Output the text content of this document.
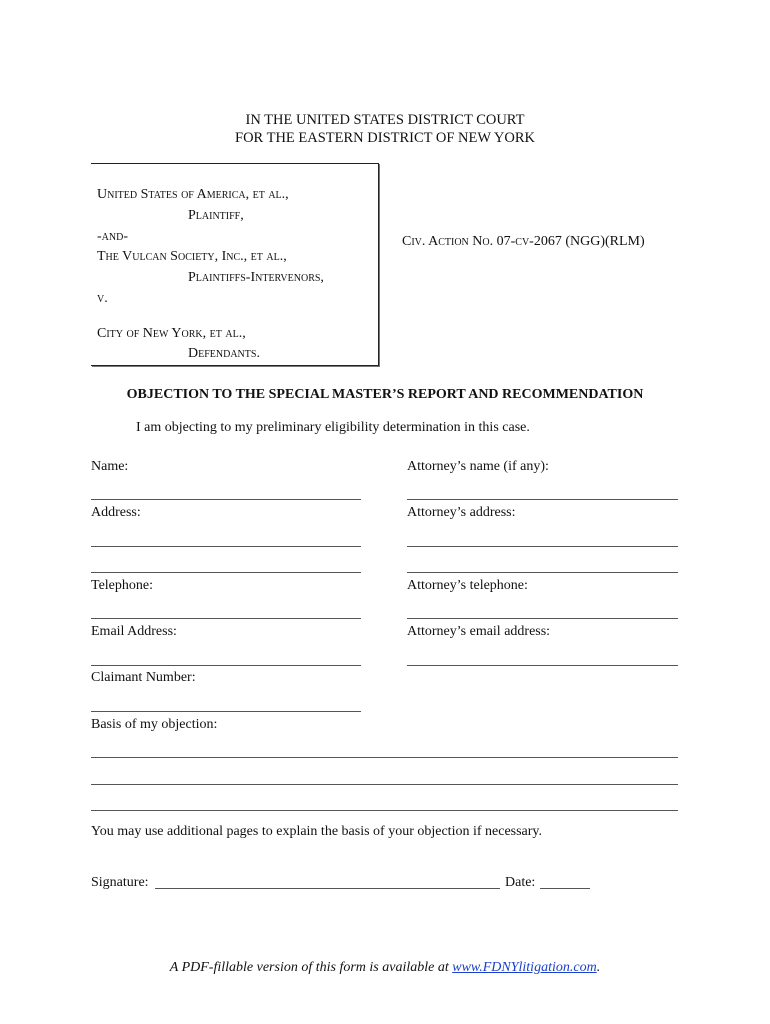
IN THE UNITED STATES DISTRICT COURT
FOR THE EASTERN DISTRICT OF NEW YORK
United States of America, et al.,
Plaintiff,
-and-
The Vulcan Society, Inc., et al.,
Plaintiffs-Intervenors,
v.
City of New York, et al.,
Defendants.
Civ. Action No. 07-cv-2067 (NGG)(RLM)
OBJECTION TO THE SPECIAL MASTER’S REPORT AND RECOMMENDATION
I am objecting to my preliminary eligibility determination in this case.
Name:	Attorney’s name (if any):
Address:	Attorney’s address:
Telephone:	Attorney’s telephone:
Email Address:	Attorney’s email address:
Claimant Number:
Basis of my objection:
You may use additional pages to explain the basis of your objection if necessary.
Signature:	Date:
A PDF-fillable version of this form is available at www.FDNYlitigation.com.
